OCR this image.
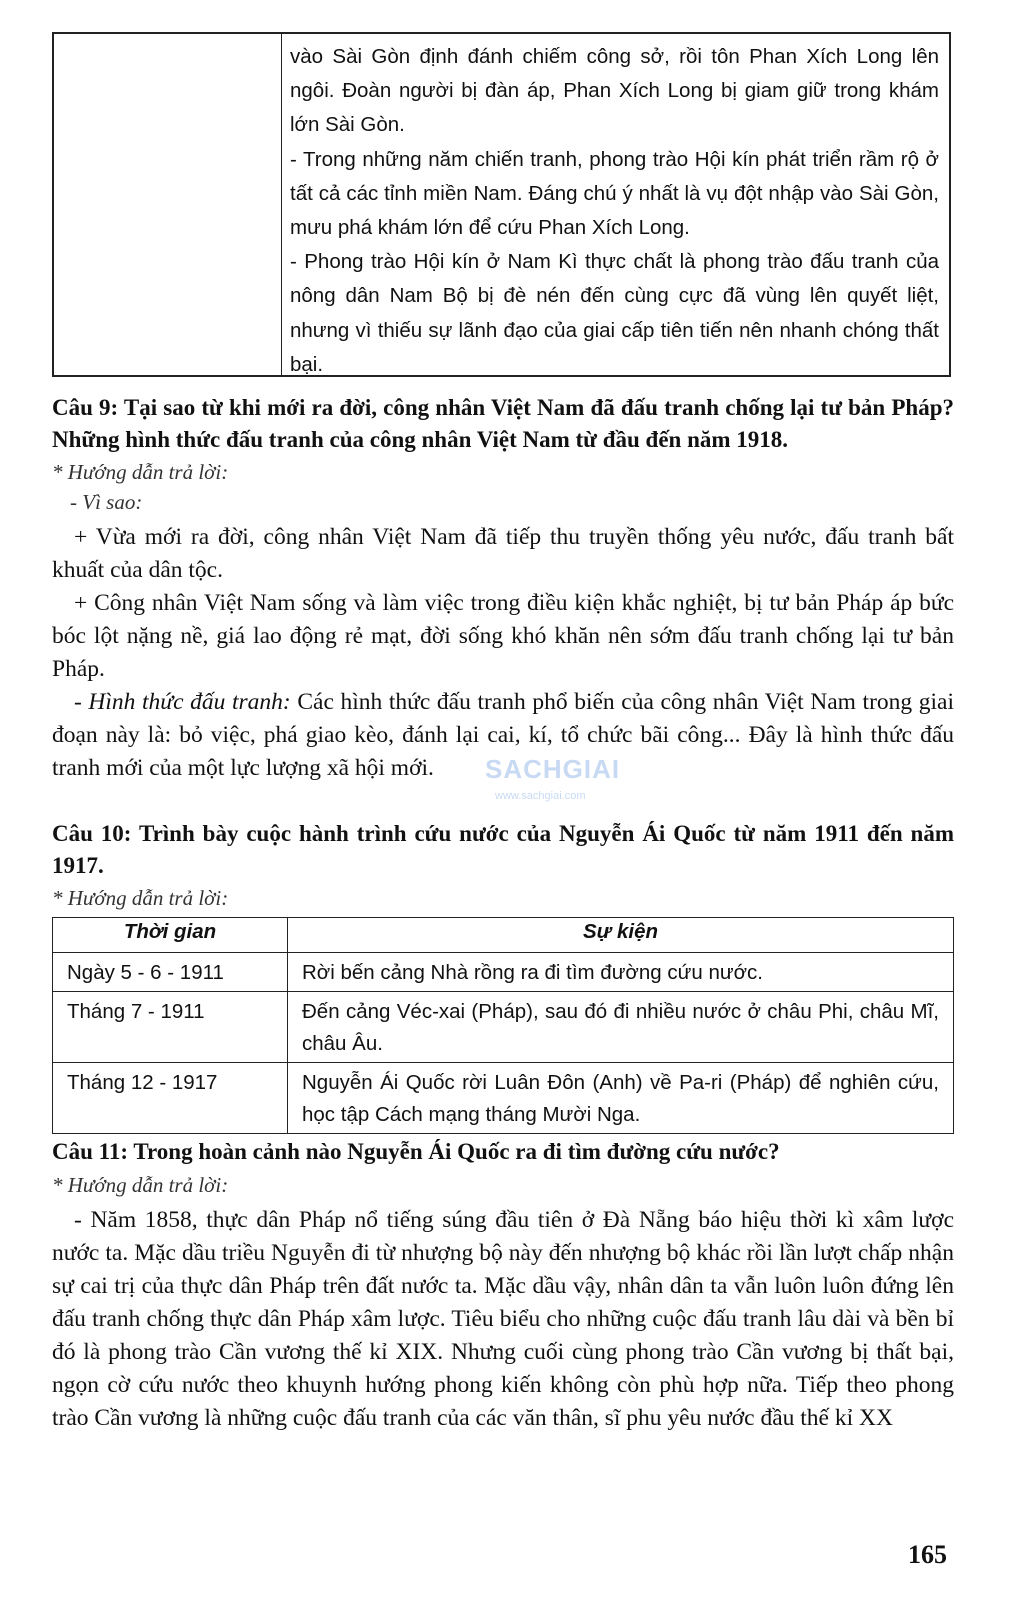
vào Sài Gòn định đánh chiếm công sở, rồi tôn Phan Xích Long lên ngôi. Đoàn người bị đàn áp, Phan Xích Long bị giam giữ trong khám lớn Sài Gòn.

- Trong những năm chiến tranh, phong trào Hội kín phát triển rầm rộ ở tất cả các tỉnh miền Nam. Đáng chú ý nhất là vụ đột nhập vào Sài Gòn, mưu phá khám lớn để cứu Phan Xích Long.

- Phong trào Hội kín ở Nam Kì thực chất là phong trào đấu tranh của nông dân Nam Bộ bị đè nén đến cùng cực đã vùng lên quyết liệt, nhưng vì thiếu sự lãnh đạo của giai cấp tiên tiến nên nhanh chóng thất bại.

Câu 9: Tại sao từ khi mới ra đời, công nhân Việt Nam đã đấu tranh chống lại tư bản Pháp? Những hình thức đấu tranh của công nhân Việt Nam từ đầu đến năm 1918.

* Hướng dẫn trả lời:

- Vì sao:

+ Vừa mới ra đời, công nhân Việt Nam đã tiếp thu truyền thống yêu nước, đấu tranh bất khuất của dân tộc.

+ Công nhân Việt Nam sống và làm việc trong điều kiện khắc nghiệt, bị tư bản Pháp áp bức bóc lột nặng nề, giá lao động rẻ mạt, đời sống khó khăn nên sớm đấu tranh chống lại tư bản Pháp.

- Hình thức đấu tranh: Các hình thức đấu tranh phổ biến của công nhân Việt Nam trong giai đoạn này là: bỏ việc, phá giao kèo, đánh lại cai, kí, tổ chức bãi công... Đây là hình thức đấu tranh mới của một lực lượng xã hội mới.

Câu 10: Trình bày cuộc hành trình cứu nước của Nguyễn Ái Quốc từ năm 1911 đến năm 1917.

* Hướng dẫn trả lời:

Thời gian	Sự kiện
Ngày 5 - 6 - 1911	Rời bến cảng Nhà rồng ra đi tìm đường cứu nước.
Tháng 7 - 1911	Đến cảng Véc-xai (Pháp), sau đó đi nhiều nước ở châu Phi, châu Mĩ, châu Âu.
Tháng 12 - 1917	Nguyễn Ái Quốc rời Luân Đôn (Anh) về Pa-ri (Pháp) để nghiên cứu, học tập Cách mạng tháng Mười Nga.

Câu 11: Trong hoàn cảnh nào Nguyễn Ái Quốc ra đi tìm đường cứu nước?

* Hướng dẫn trả lời:

- Năm 1858, thực dân Pháp nổ tiếng súng đầu tiên ở Đà Nẵng báo hiệu thời kì xâm lược nước ta. Mặc dầu triều Nguyễn đi từ nhượng bộ này đến nhượng bộ khác rồi lần lượt chấp nhận sự cai trị của thực dân Pháp trên đất nước ta. Mặc dầu vậy, nhân dân ta vẫn luôn luôn đứng lên đấu tranh chống thực dân Pháp xâm lược. Tiêu biểu cho những cuộc đấu tranh lâu dài và bền bỉ đó là phong trào Cần vương thế kỉ XIX. Nhưng cuối cùng phong trào Cần vương bị thất bại, ngọn cờ cứu nước theo khuynh hướng phong kiến không còn phù hợp nữa. Tiếp theo phong trào Cần vương là những cuộc đấu tranh của các văn thân, sĩ phu yêu nước đầu thế kỉ XX

SACHGIAI
www.sachgiai.com
165
